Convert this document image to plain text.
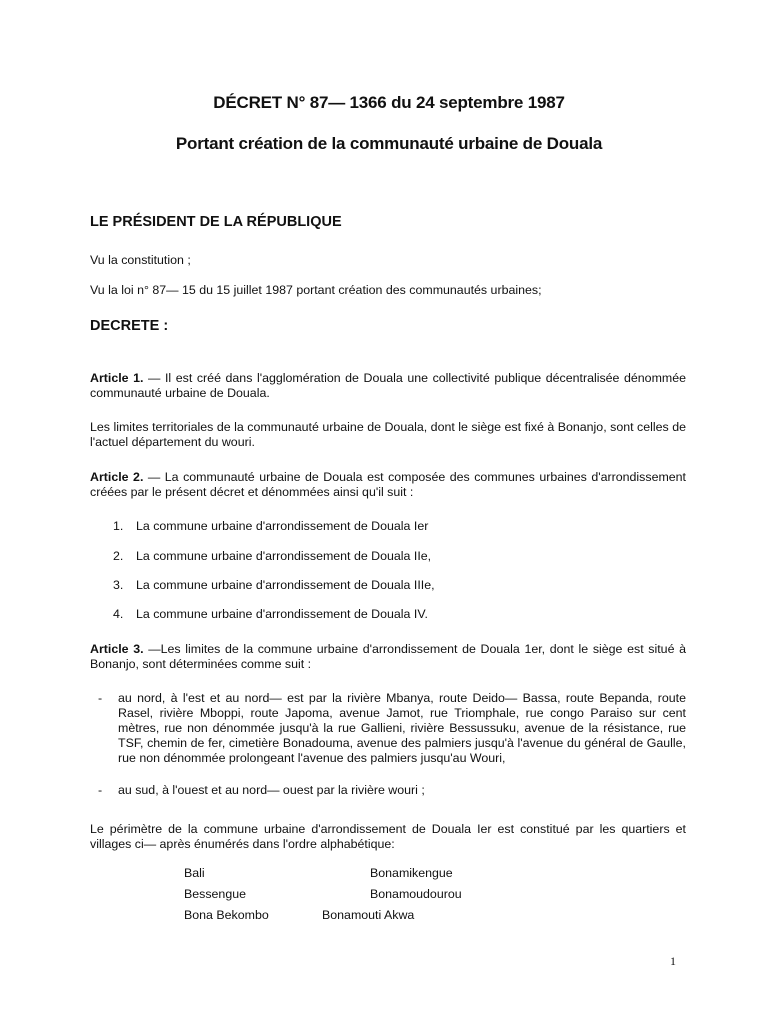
DÉCRET N° 87— 1366 du 24 septembre 1987
Portant création de la communauté urbaine de Douala
LE PRÉSIDENT DE LA RÉPUBLIQUE

Vu la constitution ;

Vu la loi n° 87— 15 du 15 juillet 1987 portant création des communautés urbaines;

DECRETE :

Article 1. — Il est créé dans l'agglomération de Douala une collectivité publique décentralisée dénommée communauté urbaine de Douala.

Les limites territoriales de la communauté urbaine de Douala, dont le siège est fixé à Bonanjo, sont celles de l'actuel département du wouri.

Article 2. — La communauté urbaine de Douala est composée des communes urbaines d'arrondissement créées par le présent décret et dénommées ainsi qu'il suit :

1. La commune urbaine d'arrondissement de Douala Ier
2. La commune urbaine d'arrondissement de Douala IIe,
3. La commune urbaine d'arrondissement de Douala IIIe,
4. La commune urbaine d'arrondissement de Douala IV.

Article 3. —Les limites de la commune urbaine d'arrondissement de Douala 1er, dont le siège est situé à Bonanjo, sont déterminées comme suit :

-	au nord, à l'est et au nord— est par la rivière Mbanya, route Deido— Bassa, route Bepanda, route Rasel, rivière Mboppi, route Japoma, avenue Jamot, rue Triomphale, rue congo Paraiso sur cent mètres, rue non dénommée jusqu'à la rue Gallieni, rivière Bessussuku, avenue de la résistance, rue TSF, chemin de fer, cimetière Bonadouma, avenue des palmiers jusqu'à l'avenue du général de Gaulle, rue non dénommée prolongeant l'avenue des palmiers jusqu'au Wouri,
-	au sud, à l'ouest et au nord— ouest par la rivière wouri ;

Le périmètre de la commune urbaine d'arrondissement de Douala Ier est constitué par les quartiers et villages ci— après énumérés dans l'ordre alphabétique:

Bali	Bonamikengue
Bessengue	Bonamoudourou
Bona Bekombo	Bonamouti Akwa
1
